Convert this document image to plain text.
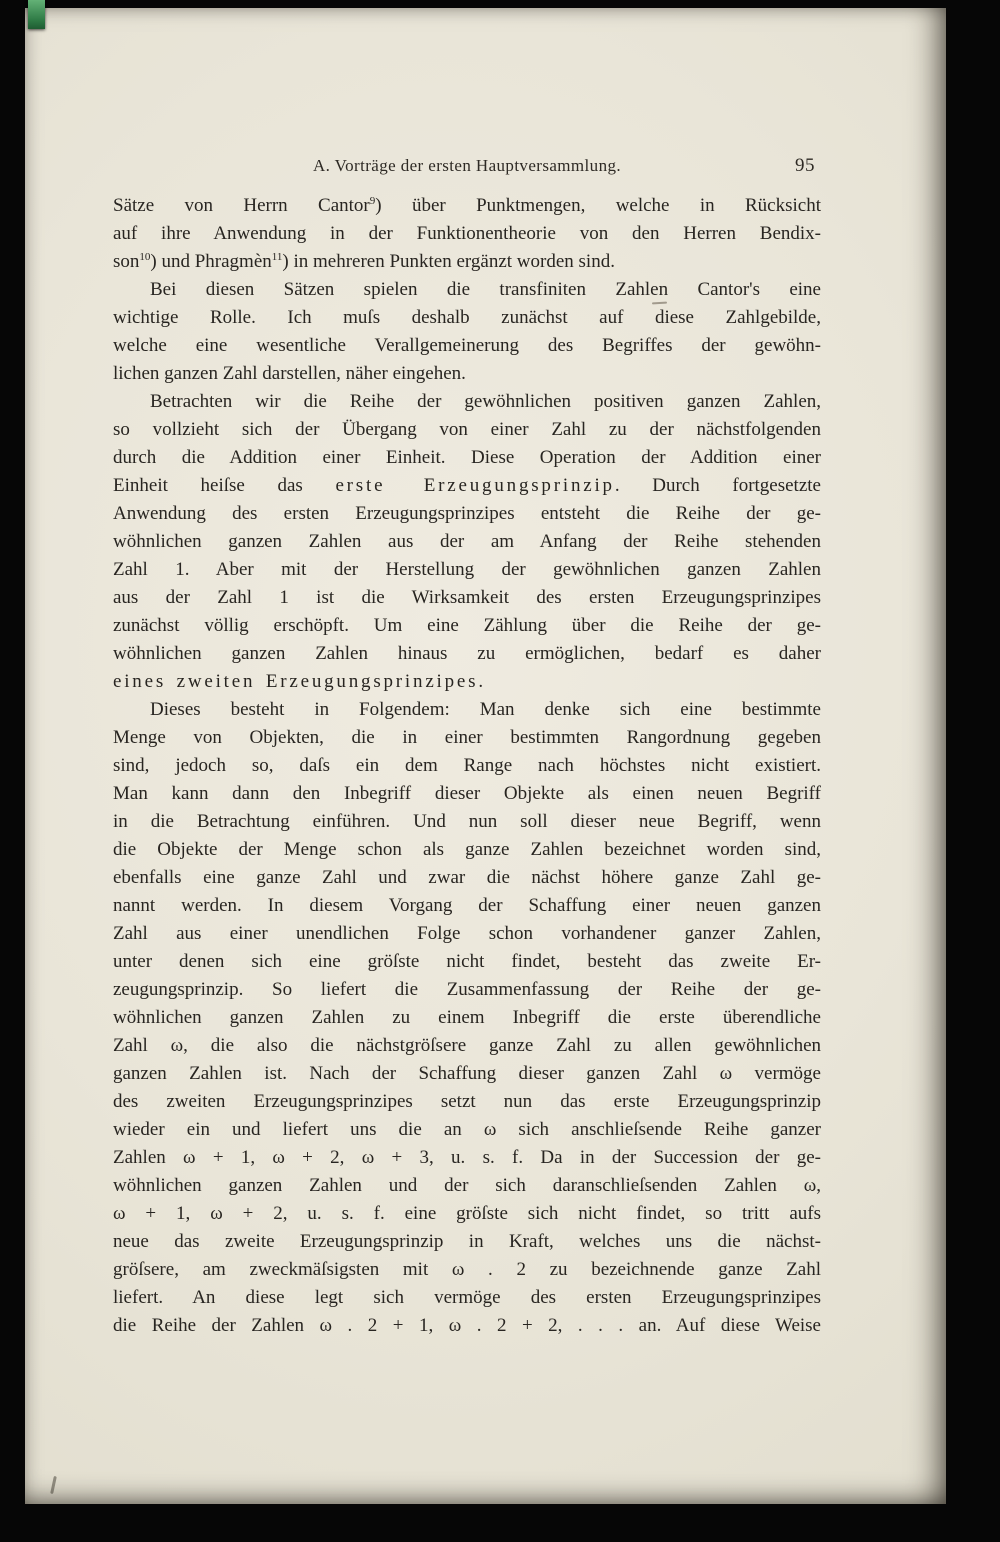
A. Vorträge der ersten Hauptversammlung.	95
Sätze von Herrn Cantor$^9$) über Punktmengen, welche in Rücksicht
auf ihre Anwendung in der Funktionentheorie von den Herren Bendix-
son$^{10}$) und Phragmèn$^{11}$) in mehreren Punkten ergänzt worden sind.
Bei diesen Sätzen spielen die transfiniten Zahlen Cantor's eine
wichtige Rolle. Ich muſs deshalb zunächst auf diese Zahlgebilde,
welche eine wesentliche Verallgemeinerung des Begriffes der gewöhn-
lichen ganzen Zahl darstellen, näher eingehen.
Betrachten wir die Reihe der gewöhnlichen positiven ganzen Zahlen,
so vollzieht sich der Übergang von einer Zahl zu der nächstfolgenden
durch die Addition einer Einheit. Diese Operation der Addition einer
Einheit heiſse das erste Erzeugungsprinzip. Durch fortgesetzte
Anwendung des ersten Erzeugungsprinzipes entsteht die Reihe der ge-
wöhnlichen ganzen Zahlen aus der am Anfang der Reihe stehenden
Zahl 1. Aber mit der Herstellung der gewöhnlichen ganzen Zahlen
aus der Zahl 1 ist die Wirksamkeit des ersten Erzeugungsprinzipes
zunächst völlig erschöpft. Um eine Zählung über die Reihe der ge-
wöhnlichen ganzen Zahlen hinaus zu ermöglichen, bedarf es daher
eines zweiten Erzeugungsprinzipes.
Dieses besteht in Folgendem: Man denke sich eine bestimmte
Menge von Objekten, die in einer bestimmten Rangordnung gegeben
sind, jedoch so, daſs ein dem Range nach höchstes nicht existiert.
Man kann dann den Inbegriff dieser Objekte als einen neuen Begriff
in die Betrachtung einführen. Und nun soll dieser neue Begriff, wenn
die Objekte der Menge schon als ganze Zahlen bezeichnet worden sind,
ebenfalls eine ganze Zahl und zwar die nächst höhere ganze Zahl ge-
nannt werden. In diesem Vorgang der Schaffung einer neuen ganzen
Zahl aus einer unendlichen Folge schon vorhandener ganzer Zahlen,
unter denen sich eine gröſste nicht findet, besteht das zweite Er-
zeugungsprinzip. So liefert die Zusammenfassung der Reihe der ge-
wöhnlichen ganzen Zahlen zu einem Inbegriff die erste überendliche
Zahl ω, die also die nächstgröſsere ganze Zahl zu allen gewöhnlichen
ganzen Zahlen ist. Nach der Schaffung dieser ganzen Zahl ω vermöge
des zweiten Erzeugungsprinzipes setzt nun das erste Erzeugungsprinzip
wieder ein und liefert uns die an ω sich anschlieſsende Reihe ganzer
Zahlen ω + 1, ω + 2, ω + 3, u. s. f. Da in der Succession der ge-
wöhnlichen ganzen Zahlen und der sich daranschlieſsenden Zahlen ω,
ω + 1, ω + 2, u. s. f. eine gröſste sich nicht findet, so tritt aufs
neue das zweite Erzeugungsprinzip in Kraft, welches uns die nächst-
gröſsere, am zweckmäſsigsten mit ω . 2 zu bezeichnende ganze Zahl
liefert. An diese legt sich vermöge des ersten Erzeugungsprinzipes
die Reihe der Zahlen ω . 2 + 1, ω . 2 + 2, . . . an. Auf diese Weise
